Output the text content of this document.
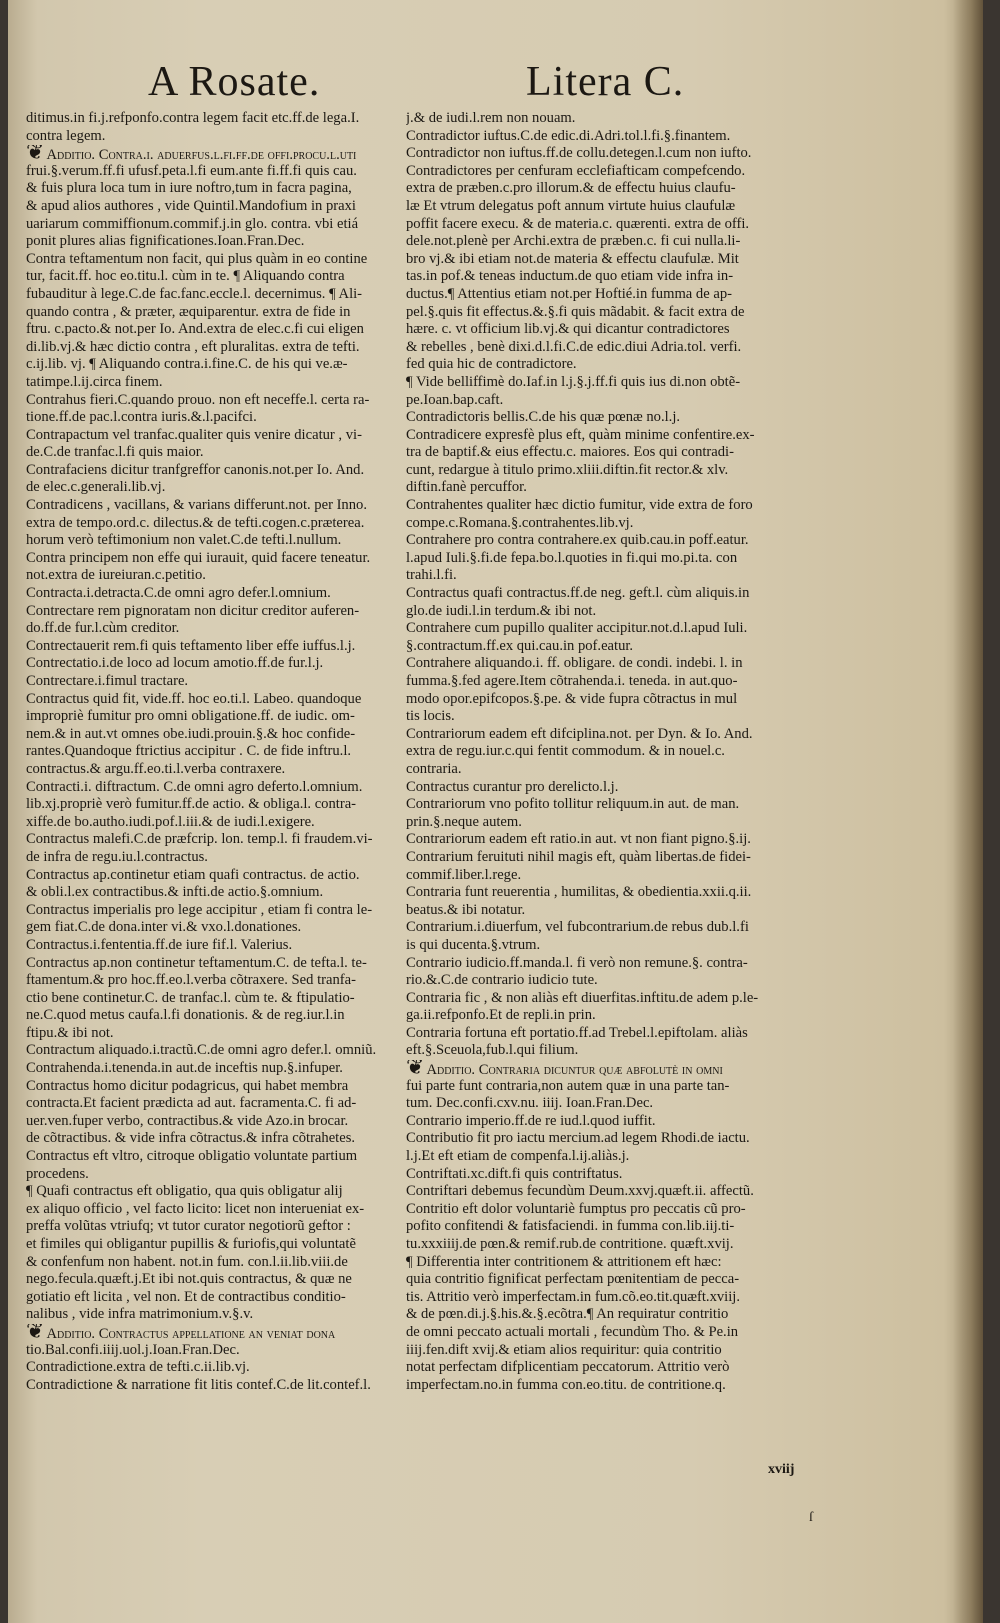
A Rosate.	Litera C.
ditimus.in fi.j.refponfo.contra legem facit etc.ff.de lega.I.
contra legem.
❦ Additio. Contra.i. aduerfus.l.fi.ff.de offi.procu.l.uti
frui.§.verum.ff.fi ufusf.peta.l.fi eum.ante fi.ff.fi quis cau.
& fuis plura loca tum in iure noftro,tum in facra pagina,
& apud alios authores , vide Quintil.Mandofium in praxi
uariarum commiffionum.commif.j.in glo. contra. vbi etiá
ponit plures alias fignificationes.Ioan.Fran.Dec.
Contra teftamentum non facit, qui plus quàm in eo contine
tur, facit.ff. hoc eo.titu.l. cùm in te. ¶ Aliquando contra
fubauditur à lege.C.de fac.fanc.eccle.l. decernimus. ¶ Ali-
quando contra , & præter, æquiparentur. extra de fide in
ftru. c.pacto.& not.per Io. And.extra de elec.c.fi cui eligen
di.lib.vj.& hæc dictio contra , eft pluralitas. extra de tefti.
c.ij.lib. vj. ¶ Aliquando contra.i.fine.C. de his qui ve.æ-
tatimpe.l.ij.circa finem.
Contrahus fieri.C.quando prouo. non eft neceffe.l. certa ra-
tione.ff.de pac.l.contra iuris.&.l.pacifci.
Contrapactum vel tranfac.qualiter quis venire dicatur , vi-
de.C.de tranfac.l.fi quis maior.
Contrafaciens dicitur tranfgreffor canonis.not.per Io. And.
de elec.c.generali.lib.vj.
Contradicens , vacillans, & varians differunt.not. per Inno.
extra de tempo.ord.c. dilectus.& de tefti.cogen.c.præterea.
horum verò teftimonium non valet.C.de tefti.l.nullum.
Contra principem non effe qui iurauit, quid facere teneatur.
not.extra de iureiuran.c.petitio.
Contracta.i.detracta.C.de omni agro defer.l.omnium.
Contrectare rem pignoratam non dicitur creditor auferen-
do.ff.de fur.l.cùm creditor.
Contrectauerit rem.fi quis teftamento liber effe iuffus.l.j.
Contrectatio.i.de loco ad locum amotio.ff.de fur.l.j.
Contrectare.i.fimul tractare.
Contractus quid fit, vide.ff. hoc eo.ti.l. Labeo. quandoque
impropriè fumitur pro omni obligatione.ff. de iudic. om-
nem.& in aut.vt omnes obe.iudi.prouin.§.& hoc confide-
rantes.Quandoque ftrictius accipitur . C. de fide inftru.l.
contractus.& argu.ff.eo.ti.l.verba contraxere.
Contracti.i. diftractum. C.de omni agro deferto.l.omnium.
lib.xj.propriè verò fumitur.ff.de actio. & obliga.l. contra-
xiffe.de bo.autho.iudi.pof.l.iii.& de iudi.l.exigere.
Contractus malefi.C.de præfcrip. lon. temp.l. fi fraudem.vi-
de infra de regu.iu.l.contractus.
Contractus ap.continetur etiam quafi contractus. de actio.
& obli.l.ex contractibus.& infti.de actio.§.omnium.
Contractus imperialis pro lege accipitur , etiam fi contra le-
gem fiat.C.de dona.inter vi.& vxo.l.donationes.
Contractus.i.fententia.ff.de iure fif.l. Valerius.
Contractus ap.non continetur teftamentum.C. de tefta.l. te-
ftamentum.& pro hoc.ff.eo.l.verba cõtraxere. Sed tranfa-
ctio bene continetur.C. de tranfac.l. cùm te. & ftipulatio-
ne.C.quod metus caufa.l.fi donationis. & de reg.iur.l.in
ftipu.& ibi not.
Contractum aliquado.i.tractũ.C.de omni agro defer.l. omniũ.
Contrahenda.i.tenenda.in aut.de inceftis nup.§.infuper.
Contractus homo dicitur podagricus, qui habet membra
contracta.Et facient prædicta ad aut. facramenta.C. fi ad-
uer.ven.fuper verbo, contractibus.& vide Azo.in brocar.
de cõtractibus. & vide infra cõtractus.& infra cõtrahetes.
Contractus eft vltro, citroque obligatio voluntate partium
procedens.
¶ Quafi contractus eft obligatio, qua quis obligatur alij
ex aliquo officio , vel facto licito: licet non interueniat ex-
preffa volũtas vtriufq; vt tutor curator negotiorũ geftor :
et fimiles qui obligantur pupillis & furiofis,qui voluntatẽ
& confenfum non habent. not.in fum. con.l.ii.lib.viii.de
nego.fecula.quæft.j.Et ibi not.quis contractus, & quæ ne
gotiatio eft licita , vel non. Et de contractibus conditio-
nalibus , vide infra matrimonium.v.§.v.
❦ Additio. Contractus appellatione an veniat dona
tio.Bal.confi.iiij.uol.j.Ioan.Fran.Dec.
Contradictione.extra de tefti.c.ii.lib.vj.
Contradictione & narratione fit litis contef.C.de lit.contef.l.
j.& de iudi.l.rem non nouam.
Contradictor iuftus.C.de edic.di.Adri.tol.l.fi.§.finantem.
Contradictor non iuftus.ff.de collu.detegen.l.cum non iufto.
Contradictores per cenfuram ecclefiafticam compefcendo.
extra de præben.c.pro illorum.& de effectu huius claufu-
læ Et vtrum delegatus poft annum virtute huius claufulæ
poffit facere execu. & de materia.c. quærenti. extra de offi.
dele.not.plenè per Archi.extra de præben.c. fi cui nulla.li-
bro vj.& ibi etiam not.de materia & effectu claufulæ. Mit
tas.in pof.& teneas inductum.de quo etiam vide infra in-
ductus.¶ Attentius etiam not.per Hoftié.in fumma de ap-
pel.§.quis fit effectus.&.§.fi quis mãdabit. & facit extra de
hære. c. vt officium lib.vj.& qui dicantur contradictores
& rebelles , benè dixi.d.l.fi.C.de edic.diui Adria.tol. verfi.
fed quia hic de contradictore.
¶ Vide belliffimè do.Iaf.in l.j.§.j.ff.fi quis ius di.non obtẽ-
pe.Ioan.bap.caft.
Contradictoris bellis.C.de his quæ pœnæ no.l.j.
Contradicere expresfè plus eft, quàm minime confentire.ex-
tra de baptif.& eius effectu.c. maiores. Eos qui contradi-
cunt, redargue à titulo primo.xliii.diftin.fit rector.& xlv.
diftin.fanè percuffor.
Contrahentes qualiter hæc dictio fumitur, vide extra de foro
compe.c.Romana.§.contrahentes.lib.vj.
Contrahere pro contra contrahere.ex quib.cau.in poff.eatur.
l.apud Iuli.§.fi.de fepa.bo.l.quoties in fi.qui mo.pi.ta. con
trahi.l.fi.
Contractus quafi contractus.ff.de neg. geft.l. cùm aliquis.in
glo.de iudi.l.in terdum.& ibi not.
Contrahere cum pupillo qualiter accipitur.not.d.l.apud Iuli.
§.contractum.ff.ex qui.cau.in pof.eatur.
Contrahere aliquando.i. ff. obligare. de condi. indebi. l. in
fumma.§.fed agere.Item cõtrahenda.i. teneda. in aut.quo-
modo opor.epifcopos.§.pe. & vide fupra cõtractus in mul
tis locis.
Contrariorum eadem eft difciplina.not. per Dyn. & Io. And.
extra de regu.iur.c.qui fentit commodum. & in nouel.c.
contraria.
Contractus curantur pro derelicto.l.j.
Contrariorum vno pofito tollitur reliquum.in aut. de man.
prin.§.neque autem.
Contrariorum eadem eft ratio.in aut. vt non fiant pigno.§.ij.
Contrarium feruituti nihil magis eft, quàm libertas.de fidei-
commif.liber.l.rege.
Contraria funt reuerentia , humilitas, & obedientia.xxii.q.ii.
beatus.& ibi notatur.
Contrarium.i.diuerfum, vel fubcontrarium.de rebus dub.l.fi
is qui ducenta.§.vtrum.
Contrario iudicio.ff.manda.l. fi verò non remune.§. contra-
rio.&.C.de contrario iudicio tute.
Contraria fic , & non aliàs eft diuerfitas.inftitu.de adem p.le-
ga.ii.refponfo.Et de repli.in prin.
Contraria fortuna eft portatio.ff.ad Trebel.l.epiftolam. aliàs
eft.§.Sceuola,fub.l.qui filium.
❦ Additio. Contraria dicuntur quæ abfolutè in omni
fui parte funt contraria,non autem quæ in una parte tan-
tum. Dec.confi.cxv.nu. iiij. Ioan.Fran.Dec.
Contrario imperio.ff.de re iud.l.quod iuffit.
Contributio fit pro iactu mercium.ad legem Rhodi.de iactu.
l.j.Et eft etiam de compenfa.l.ij.aliàs.j.
Contriftati.xc.dift.fi quis contriftatus.
Contriftari debemus fecundùm Deum.xxvj.quæft.ii. affectũ.
Contritio eft dolor voluntariè fumptus pro peccatis cũ pro-
pofito confitendi & fatisfaciendi. in fumma con.lib.iij.ti-
tu.xxxiiij.de pœn.& remif.rub.de contritione. quæft.xvij.
¶ Differentia inter contritionem & attritionem eft hæc:
quia contritio fignificat perfectam pœnitentiam de pecca-
tis. Attritio verò imperfectam.in fum.cõ.eo.tit.quæft.xviij.
& de pœn.di.j.§.his.&.§.ecõtra.¶ An requiratur contritio
de omni peccato actuali mortali , fecundùm Tho. & Pe.in
iiij.fen.dift xvij.& etiam alios requiritur: quia contritio
notat perfectam difplicentiam peccatorum. Attritio verò
imperfectam.no.in fumma con.eo.titu. de contritione.q.
xviij
ſ
